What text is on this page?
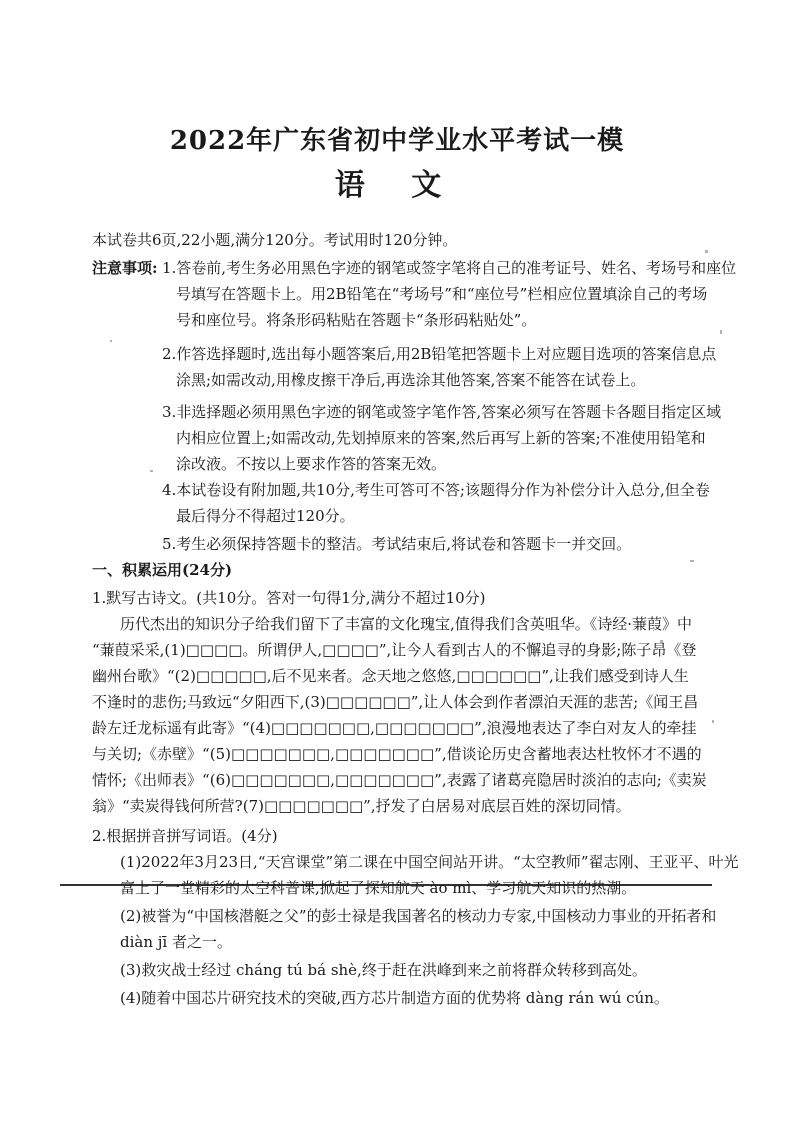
2022年广东省初中学业水平考试一模
语 文
本试卷共6页,22小题,满分120分。考试用时120分钟。
注意事项: 1.答卷前,考生务必用黑色字迹的钢笔或签字笔将自己的准考证号、姓名、考场号和座位
号填写在答题卡上。用2B铅笔在“考场号”和“座位号”栏相应位置填涂自己的考场
号和座位号。将条形码粘贴在答题卡“条形码粘贴处”。
2.作答选择题时,选出每小题答案后,用2B铅笔把答题卡上对应题目选项的答案信息点
涂黑;如需改动,用橡皮擦干净后,再选涂其他答案,答案不能答在试卷上。
3.非选择题必须用黑色字迹的钢笔或签字笔作答,答案必须写在答题卡各题目指定区域
内相应位置上;如需改动,先划掉原来的答案,然后再写上新的答案;不准使用铅笔和
涂改液。不按以上要求作答的答案无效。
4.本试卷设有附加题,共10分,考生可答可不答;该题得分作为补偿分计入总分,但全卷
最后得分不得超过120分。
5.考生必须保持答题卡的整洁。考试结束后,将试卷和答题卡一并交回。
一、积累运用(24分)
1.默写古诗文。(共10分。答对一句得1分,满分不超过10分)
历代杰出的知识分子给我们留下了丰富的文化瑰宝,值得我们含英咀华。《诗经·蒹葭》中
“蒹葭采采,(1)□□□□。所谓伊人,□□□□”,让今人看到古人的不懈追寻的身影;陈子昂《登
幽州台歌》“(2)□□□□□,后不见来者。念天地之悠悠,□□□□□□”,让我们感受到诗人生
不逢时的悲伤;马致远“夕阳西下,(3)□□□□□□”,让人体会到作者漂泊天涯的悲苦;《闻王昌
龄左迁龙标遥有此寄》“(4)□□□□□□□,□□□□□□□”,浪漫地表达了李白对友人的牵挂
与关切;《赤壁》“(5)□□□□□□□,□□□□□□□”,借谈论历史含蓄地表达杜牧怀才不遇的
情怀;《出师表》“(6)□□□□□□□,□□□□□□□”,表露了诸葛亮隐居时淡泊的志向;《卖炭
翁》“卖炭得钱何所营?(7)□□□□□□□”,抒发了白居易对底层百姓的深切同情。
2.根据拼音拼写词语。(4分)
(1)2022年3月23日,“天宫课堂”第二课在中国空间站开讲。“太空教师”翟志刚、王亚平、叶光
富上了一堂精彩的太空科普课,掀起了探知航天 ào mì、学习航天知识的热潮。
(2)被誉为“中国核潜艇之父”的彭士禄是我国著名的核动力专家,中国核动力事业的开拓者和
diàn jī 者之一。
(3)救灾战士经过 cháng tú bá shè,终于赶在洪峰到来之前将群众转移到高处。
(4)随着中国芯片研究技术的突破,西方芯片制造方面的优势将 dàng rán wú cún。
